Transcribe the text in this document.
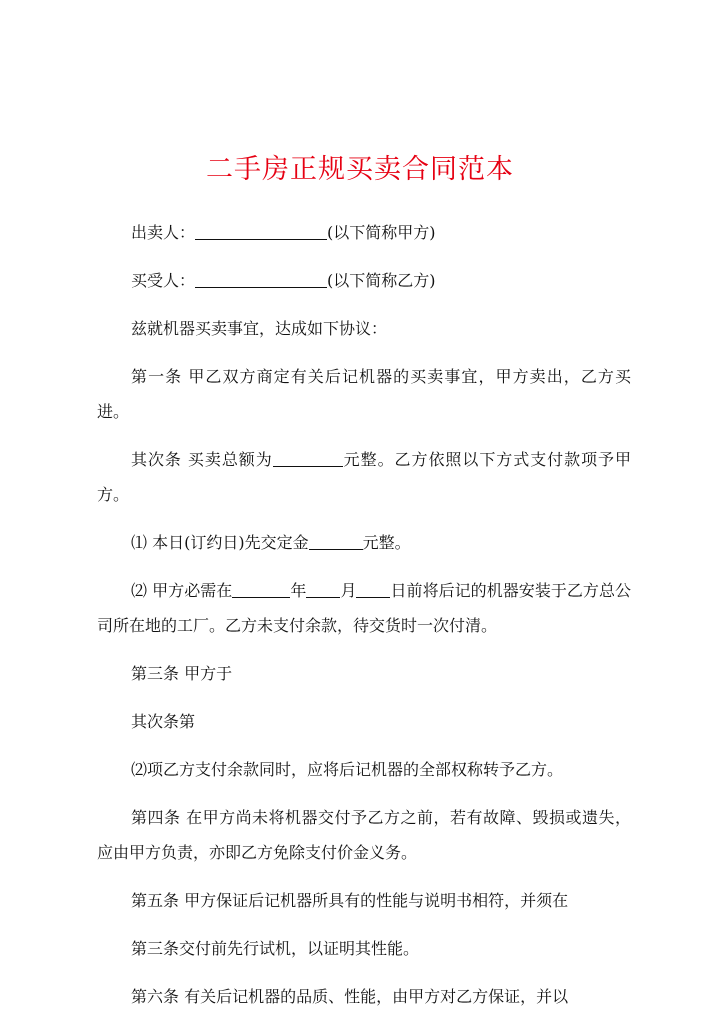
二手房正规买卖合同范本

出卖人：	(以下简称甲方)

买受人：	(以下简称乙方)

兹就机器买卖事宜，达成如下协议：

第一条 甲乙双方商定有关后记机器的买卖事宜，甲方卖出，乙方买进。

其次条 买卖总额为	元整。乙方依照以下方式支付款项予甲方。

⑴ 本日(订约日)先交定金	元整。

⑵ 甲方必需在	年 月 日前将后记的机器安装于乙方总公司所在地的工厂。乙方未支付余款，待交货时一次付清。

第三条 甲方于

其次条第

⑵项乙方支付余款同时，应将后记机器的全部权称转予乙方。

第四条 在甲方尚未将机器交付予乙方之前，若有故障、毁损或遗失，应由甲方负责，亦即乙方免除支付价金义务。

第五条 甲方保证后记机器所具有的性能与说明书相符，并须在

第三条交付前先行试机，以证明其性能。

第六条 有关后记机器的品质、性能，由甲方对乙方保证，并以
